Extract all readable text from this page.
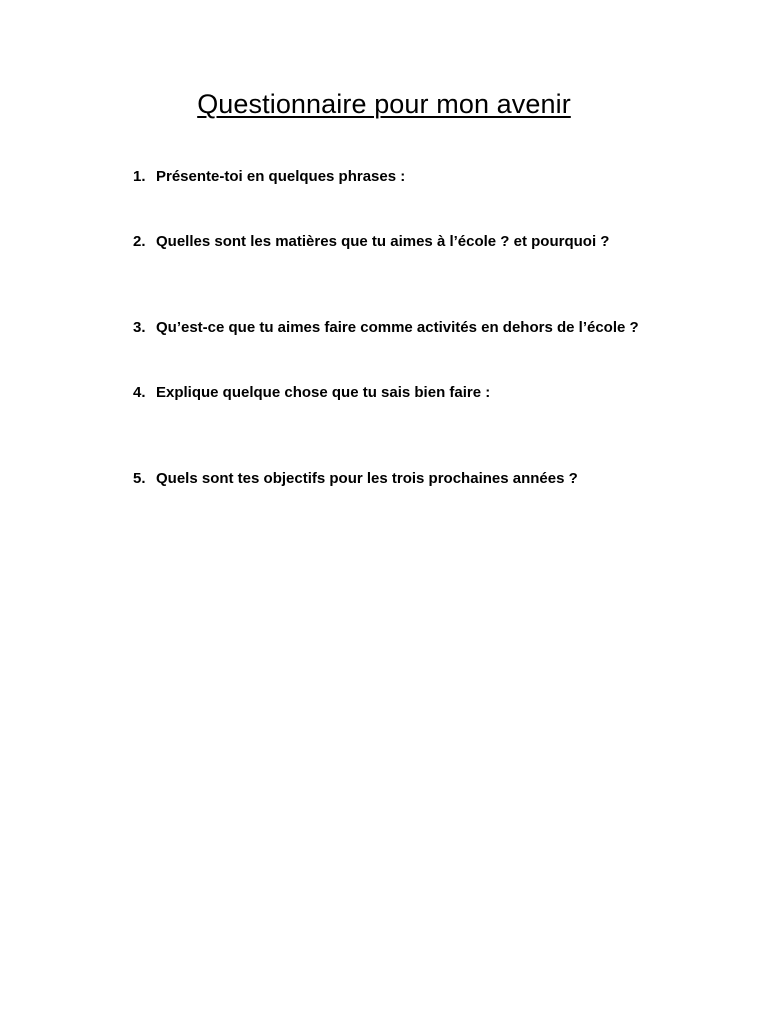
Questionnaire pour mon avenir
1. Présente-toi en quelques phrases :
2. Quelles sont les matières que tu aimes à l’école ? et pourquoi ?
3. Qu’est-ce que tu aimes faire comme activités en dehors de l’école ?
4. Explique quelque chose que tu sais bien faire :
5. Quels sont tes objectifs pour les trois prochaines années ?
